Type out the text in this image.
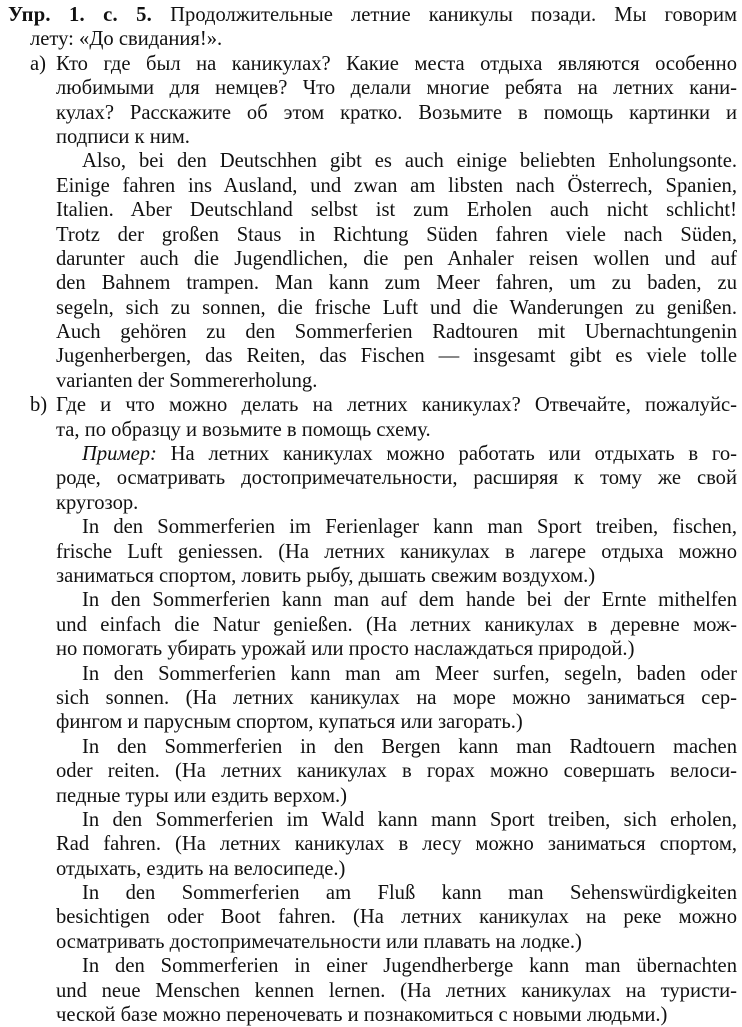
Упр. 1. с. 5. Продолжительные летние каникулы позади. Мы говорим
лету: «До свидания!».
a) Кто где был на каникулах? Какие места отдыха являются особенно
любимыми для немцев? Что делали многие ребята на летних кани-
кулах? Расскажите об этом кратко. Возьмите в помощь картинки и
подписи к ним.
Also, bei den Deutschhen gibt es auch einige beliebten Enholungsonte.
Einige fahren ins Ausland, und zwan am libsten nach Österrech, Spanien,
Italien. Aber Deutschland selbst ist zum Erholen auch nicht schlicht!
Trotz der großen Staus in Richtung Süden fahren viele nach Süden,
darunter auch die Jugendlichen, die pen Anhaler reisen wollen und auf
den Bahnem trampen. Man kann zum Meer fahren, um zu baden, zu
segeln, sich zu sonnen, die frische Luft und die Wanderungen zu genißen.
Auch gehören zu den Sommerferien Radtouren mit Ubernachtungenin
Jugenherbergen, das Reiten, das Fischen — insgesamt gibt es viele tolle
varianten der Sommererholung.
b) Где и что можно делать на летних каникулах? Отвечайте, пожалуйс-
та, по образцу и возьмите в помощь схему.
Пример: На летних каникулах можно работать или отдыхать в го-
роде, осматривать достопримечательности, расширяя к тому же свой
кругозор.
In den Sommerferien im Ferienlager kann man Sport treiben, fischen,
frische Luft geniessen. (На летних каникулах в лагере отдыха можно
заниматься спортом, ловить рыбу, дышать свежим воздухом.)
In den Sommerferien kann man auf dem hande bei der Ernte mithelfen
und einfach die Natur genießen. (На летних каникулах в деревне мож-
но помогать убирать урожай или просто наслаждаться природой.)
In den Sommerferien kann man am Meer surfen, segeln, baden oder
sich sonnen. (На летних каникулах на море можно заниматься сер-
фингом и парусным спортом, купаться или загорать.)
In den Sommerferien in den Bergen kann man Radtouern machen
oder reiten. (На летних каникулах в горах можно совершать велоси-
педные туры или ездить верхом.)
In den Sommerferien im Wald kann mann Sport treiben, sich erholen,
Rad fahren. (На летних каникулах в лесу можно заниматься спортом,
отдыхать, ездить на велосипеде.)
In den Sommerferien am Fluß kann man Sehenswürdigkeiten
besichtigen oder Boot fahren. (На летних каникулах на реке можно
осматривать достопримечательности или плавать на лодке.)
In den Sommerferien in einer Jugendherberge kann man übernachten
und neue Menschen kennen lernen. (На летних каникулах на туристи-
ческой базе можно переночевать и познакомиться с новыми людьми.)
